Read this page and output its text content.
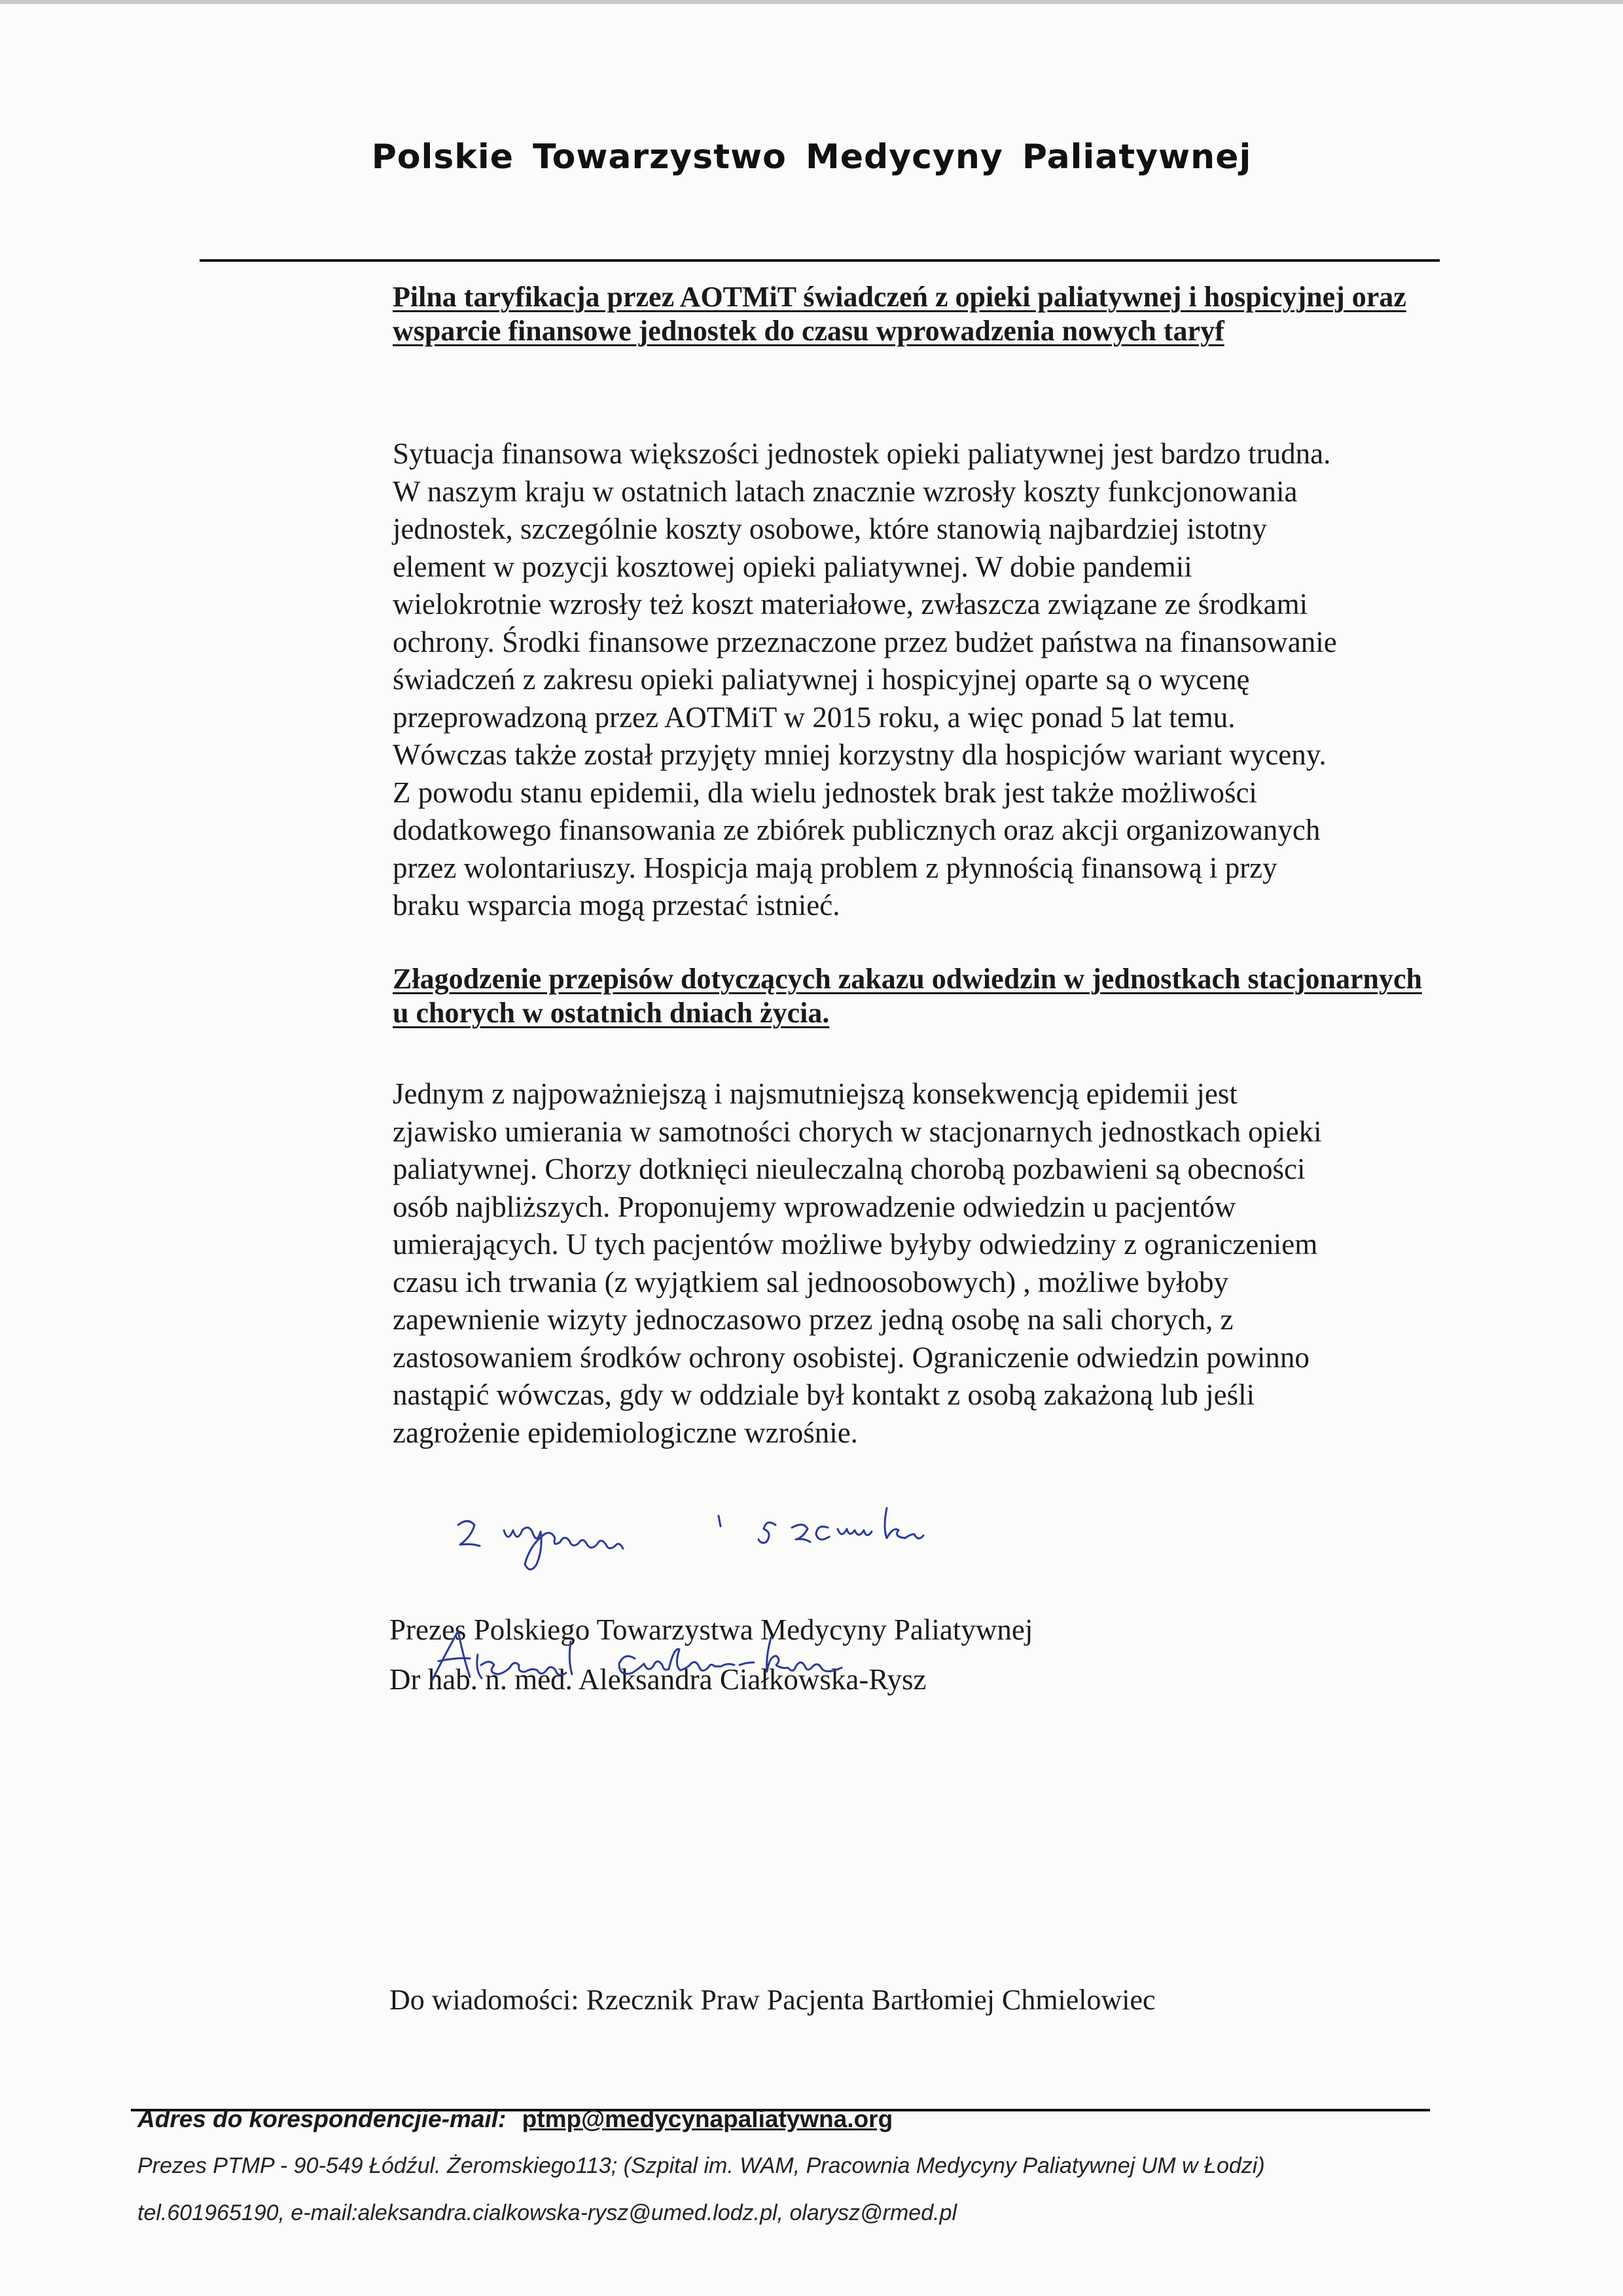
Polskie Towarzystwo Medycyny Paliatywnej

Pilna taryfikacja przez AOTMiT świadczeń z opieki paliatywnej i hospicyjnej oraz wsparcie finansowe jednostek do czasu wprowadzenia nowych taryf

Sytuacja finansowa większości jednostek opieki paliatywnej jest bardzo trudna.
W naszym kraju w ostatnich latach znacznie wzrosły koszty funkcjonowania
jednostek, szczególnie koszty osobowe, które stanowią najbardziej istotny
element w pozycji kosztowej opieki paliatywnej. W dobie pandemii
wielokrotnie wzrosły też koszt materiałowe, zwłaszcza związane ze środkami
ochrony. Środki finansowe przeznaczone przez budżet państwa na finansowanie
świadczeń z zakresu opieki paliatywnej i hospicyjnej oparte są o wycenę
przeprowadzoną przez AOTMiT w 2015 roku, a więc ponad 5 lat temu.
Wówczas także został przyjęty mniej korzystny dla hospicjów wariant wyceny.
Z powodu stanu epidemii, dla wielu jednostek brak jest także możliwości
dodatkowego finansowania ze zbiórek publicznych oraz akcji organizowanych
przez wolontariuszy. Hospicja mają problem z płynnością finansową i przy
braku wsparcia mogą przestać istnieć.

Złagodzenie przepisów dotyczących zakazu odwiedzin w jednostkach stacjonarnych u chorych w ostatnich dniach życia.

Jednym z najpoważniejszą i najsmutniejszą konsekwencją epidemii jest
zjawisko umierania w samotności chorych w stacjonarnych jednostkach opieki
paliatywnej. Chorzy dotknięci nieuleczalną chorobą pozbawieni są obecności
osób najbliższych. Proponujemy wprowadzenie odwiedzin u pacjentów
umierających. U tych pacjentów możliwe byłyby odwiedziny z ograniczeniem
czasu ich trwania (z wyjątkiem sal jednoosobowych) , możliwe byłoby
zapewnienie wizyty jednoczasowo przez jedną osobę na sali chorych, z
zastosowaniem środków ochrony osobistej. Ograniczenie odwiedzin powinno
nastąpić wówczas, gdy w oddziale był kontakt z osobą zakażoną lub jeśli
zagrożenie epidemiologiczne wzrośnie.
Prezes Polskiego Towarzystwa Medycyny Paliatywnej
Dr hab. n. med. Aleksandra Ciałkowska-Rysz
Do wiadomości: Rzecznik Praw Pacjenta Bartłomiej Chmielowiec
Adres do korespondencjie-mail: ptmp@medycynapaliatywna.org
Prezes PTMP - 90-549 Łódźul. Żeromskiego113; (Szpital im. WAM, Pracownia Medycyny Paliatywnej UM w Łodzi)
tel.601965190, e-mail:aleksandra.cialkowska-rysz@umed.lodz.pl, olarysz@rmed.pl
